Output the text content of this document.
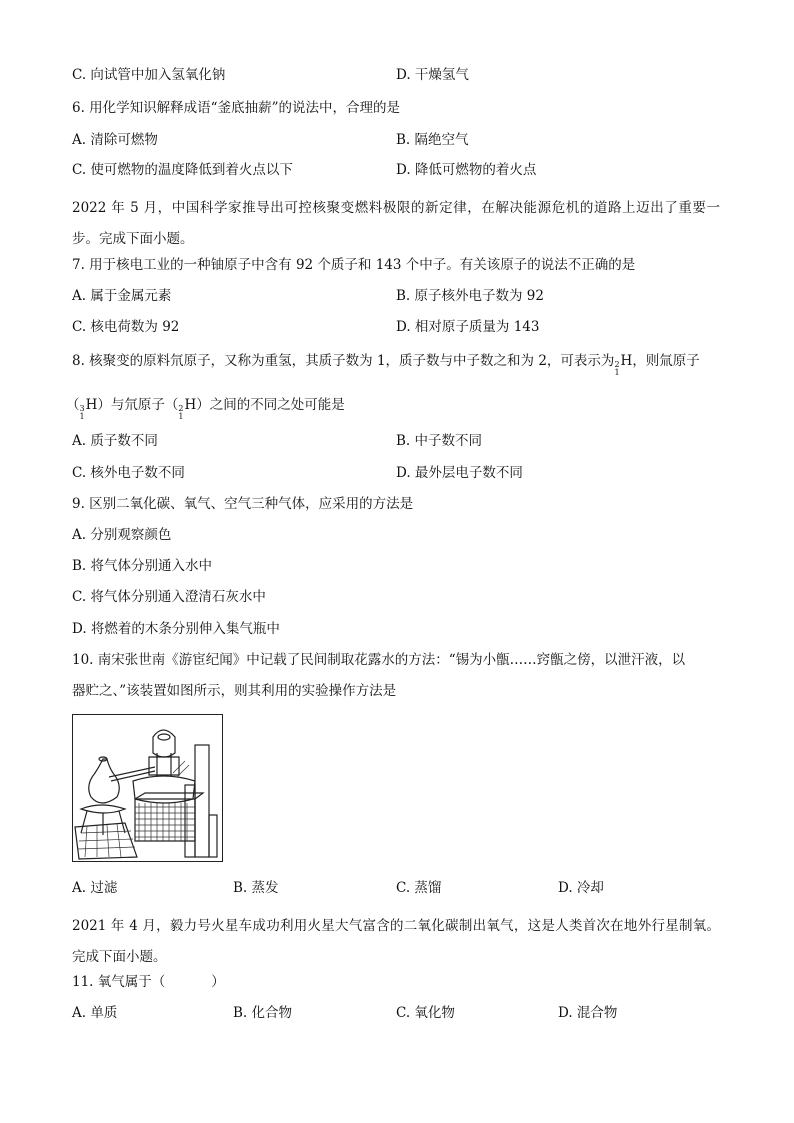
C. 向试管中加入氢氧化钠	D. 干燥氢气
6. 用化学知识解释成语“釜底抽薪”的说法中，合理的是
A. 清除可燃物	B. 隔绝空气
C. 使可燃物的温度降低到着火点以下	D. 降低可燃物的着火点
2022 年 5 月，中国科学家推导出可控核聚变燃料极限的新定律，在解决能源危机的道路上迈出了重要一步。完成下面小题。
7. 用于核电工业的一种铀原子中含有 92 个质子和 143 个中子。有关该原子的说法不正确的是
A. 属于金属元素	B. 原子核外电子数为 92
C. 核电荷数为 92	D. 相对原子质量为 143
8. 核聚变的原料氘原子，又称为重氢，其质子数为 1，质子数与中子数之和为 2，可表示为 2
1
H，则氚原子
（ 3
1
H）与氘原子（ 2
1
H）之间的不同之处可能是
A. 质子数不同	B. 中子数不同
C. 核外电子数不同	D. 最外层电子数不同
9. 区别二氧化碳、氧气、空气三种气体，应采用的方法是
A. 分别观察颜色
B. 将气体分别通入水中
C. 将气体分别通入澄清石灰水中
D. 将燃着的木条分别伸入集气瓶中
10. 南宋张世南《游宦纪闻》中记载了民间制取花露水的方法：“锡为小甑……窍甑之傍，以泄汗液，以
器贮之、”该装置如图所示，则其利用的实验操作方法是
A. 过滤	B. 蒸发	C. 蒸馏	D. 冷却
2021 年 4 月，毅力号火星车成功利用火星大气富含的二氧化碳制出氧气，这是人类首次在地外行星制氧。完成下面小题。
11. 氧气属于（	）
A. 单质	B. 化合物	C. 氧化物	D. 混合物
